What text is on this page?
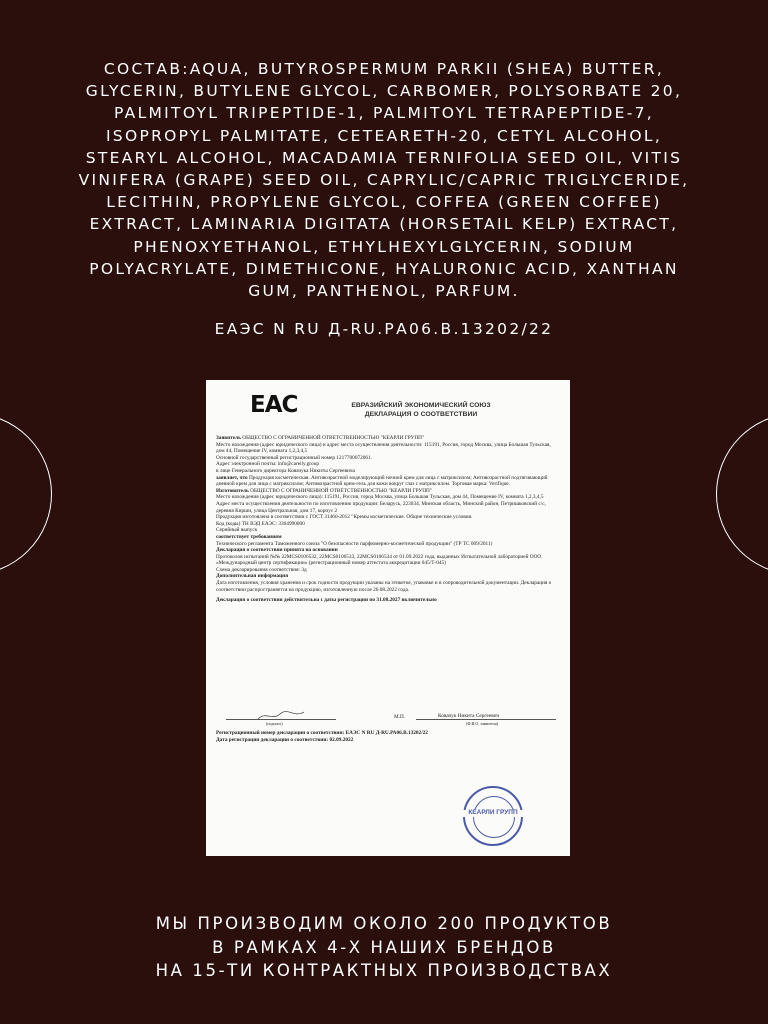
СОСТАВ:AQUA, BUTYROSPERMUM PARKII (SHEA) BUTTER,
GLYCERIN, BUTYLENE GLYCOL, CARBOMER, POLYSORBATE 20,
PALMITOYL TRIPEPTIDE-1, PALMITOYL TETRAPEPTIDE-7,
ISOPROPYL PALMITATE, CETEARETH-20, CETYL ALCOHOL,
STEARYL ALCOHOL, MACADAMIA TERNIFOLIA SEED OIL, VITIS
VINIFERA (GRAPE) SEED OIL, CAPRYLIC/CAPRIC TRIGLYCERIDE,
LECITHIN, PROPYLENE GLYCOL, COFFEA (GREEN COFFEE)
EXTRACT, LAMINARIA DIGITATA (HORSETAIL KELP) EXTRACT,
PHENOXYETHANOL, ETHYLHEXYLGLYCERIN, SODIUM
POLYACRYLATE, DIMETHICONE, HYALURONIC ACID, XANTHAN
GUM, PANTHENOL, PARFUM.
ЕАЭС N RU Д-RU.РА06.В.13202/22
ЕАС	ЕВРАЗИЙСКИЙ ЭКОНОМИЧЕСКИЙ СОЮЗ
ДЕКЛАРАЦИЯ О СООТВЕТСТВИИ

Заявитель ОБЩЕСТВО С ОГРАНИЧЕННОЙ ОТВЕТСТВЕННОСТЬЮ "КЕАРЛИ ГРУПП"

Место нахождения (адрес юридического лица) и адрес места осуществления деятельности: 115191, Россия, город Москва, улица Большая Тульская, дом 44, Помещение IV, комната 1,2,3,4,5

Основной государственный регистрационный номер 1217700072061.

Адрес электронной почты: info@careily.group

в лице Генерального директора Ковачука Никиты Сергеевича

заявляет, что Продукция косметическая. Антивозрастной моделирующий ночной крем для лица с матриксилом; Антивозрастной подтягивающий дневной крем для лица с матриксилом; Антивозрастной крем-гель для кожи вокруг глаз с матриксилом. Торговая марка: Verifique.

Изготовитель ОБЩЕСТВО С ОГРАНИЧЕННОЙ ОТВЕТСТВЕННОСТЬЮ "КЕАРЛИ ГРУПП"

Место нахождения (адрес юридического лица): 115191, Россия, город Москва, улица Большая Тульская, дом 44, Помещение IV, комната 1,2,3,4,5

Адрес места осуществления деятельности по изготовлению продукции: Беларусь, 223034, Минская область, Минский район, Петришковский с/с, деревня Кирши, улица Центральная, дом 17, корпус 2

Продукция изготовлена в соответствии с ГОСТ 31460-2012 "Кремы косметические. Общие технические условия.

Код (коды) ТН ВЭД ЕАЭС: 3304990000

Серийный выпуск

соответствует требованиям

Технического регламента Таможенного союза "О безопасности парфюмерно-косметической продукции" (ТР ТС 009/2011)

Декларация о соответствии принята на основании

Протоколов испытаний №№ 22MCS0106532, 22MCS0106533, 22MCS0106534 от 01.09.2022 года, выданных Испытательной лабораторией ООО «Международный центр сертификации» (регистрационный номер аттестата аккредитации 045/Т-045)

Схема декларирования соответствия: 3д

Дополнительная информация

Дата изготовления, условия хранения и срок годности продукции указаны на этикетке, упаковке и в сопроводительной документации. Декларация о соответствии распространяется на продукцию, изготовленную после 26.08.2022 года.

Декларация о соответствии действительна с даты регистрации по 31.08.2027 включительно

(подпись)
М.П.	Ковачук Никита Сергеевич
(Ф.И.О. заявителя)

Регистрационный номер декларации о соответствии: ЕАЭС N RU Д-RU.РА06.В.13202/22

Дата регистрации декларации о соответствии: 02.09.2022

КЕАРЛИ ГРУПП
МЫ ПРОИЗВОДИМ ОКОЛО 200 ПРОДУКТОВ
В РАМКАХ 4-Х НАШИХ БРЕНДОВ
НА 15-ТИ КОНТРАКТНЫХ ПРОИЗВОДСТВАХ
